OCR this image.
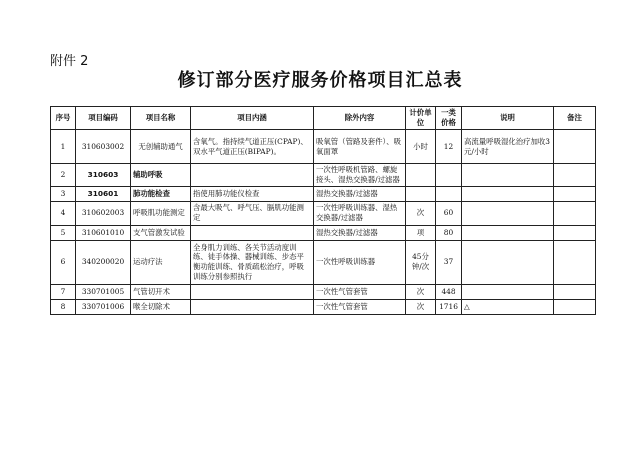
附件 2
修订部分医疗服务价格项目汇总表
序号	项目编码	项目名称	项目内涵	除外内容	计价单位	一类价格	说明	备注
1	310603002	无创辅助通气	含氧气。指持续气道正压(CPAP)、双水平气道正压(BIPAP)。	吸氧管（管路及套件）、吸氧面罩	小时	12	高流量呼吸湿化治疗加收3元/小时	
2	310603	辅助呼吸		一次性呼吸机管路、螺旋接头、湿热交换器/过滤器				
3	310601	肺功能检查	指使用肺功能仪检查	湿热交换器/过滤器				
4	310602003	呼吸肌功能测定	含最大吸气、呼气压、膈肌功能测定	一次性呼吸训练器、湿热交换器/过滤器	次	60		
5	310601010	支气管激发试验		湿热交换器/过滤器	项	80		
6	340200020	运动疗法	全身肌力训练、各关节活动度训练、徒手体操、器械训练、步态平衡功能训练、骨质疏松治疗，呼吸训练分别参照执行	一次性呼吸训练器	45分钟/次	37		
7	330701005	气管切开术		一次性气管套管	次	448		
8	330701006	喉全切除术		一次性气管套管	次	1716	△	
